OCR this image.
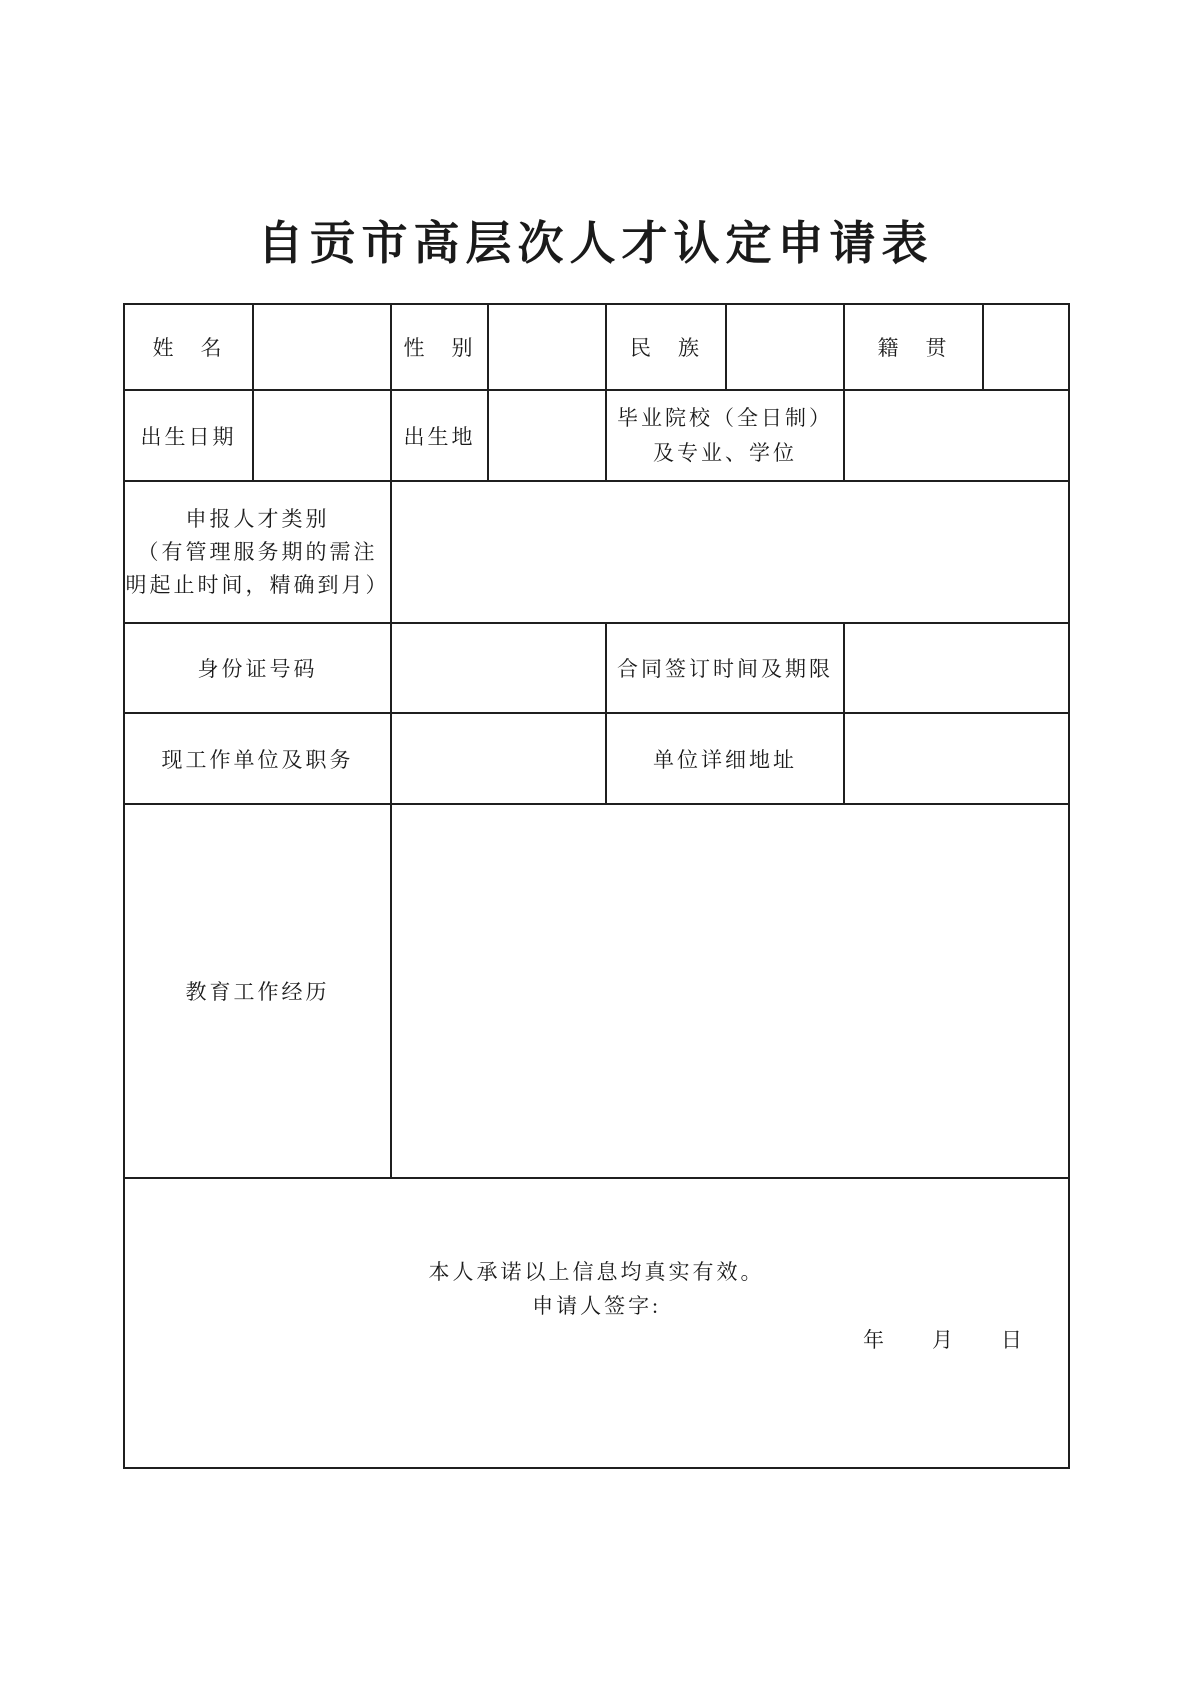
自贡市高层次人才认定申请表
姓　名		性　别		民　族		籍　贯	
出生日期		出生地		毕业院校（全日制）
及专业、学位			

申报人才类别
（有管理服务期的需注
明起止时间，精确到月）							

身份证号码				合同签订时间及期限			
现工作单位及职务				单位详细地址			
教育工作经历							

本人承诺以上信息均真实有效。
申请人签字:
年　　月　　日							
